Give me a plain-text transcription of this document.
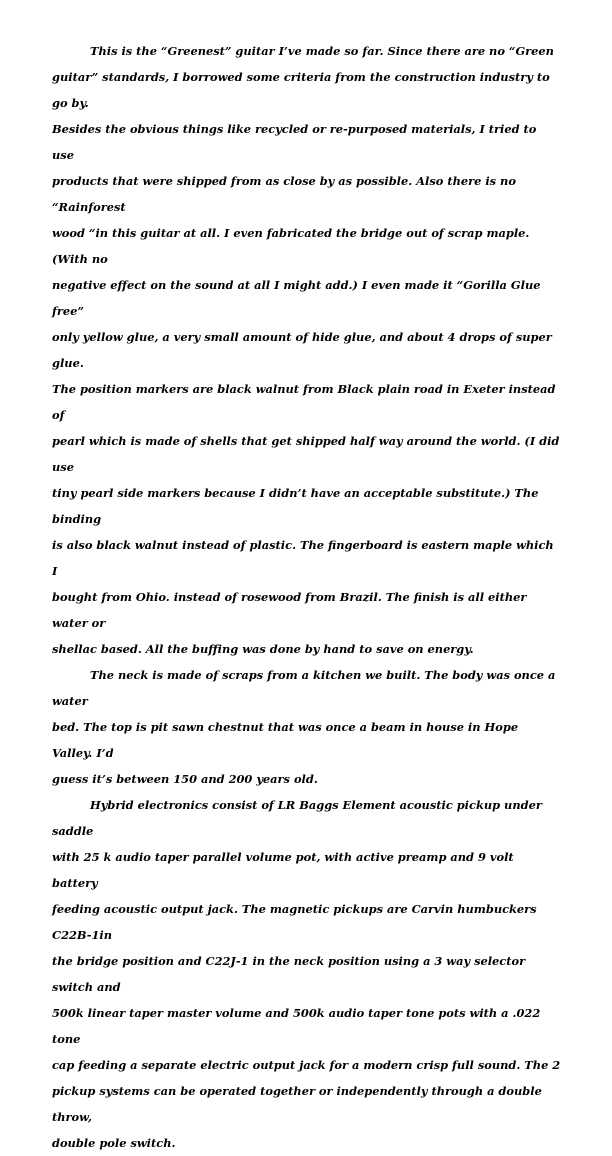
This is the “Greenest” guitar I’ve made so far. Since there are no “Green
guitar” standards, I borrowed some criteria from the construction industry to go by.
Besides the obvious things like recycled or re-purposed materials, I tried to use
products that were shipped from as close by as possible. Also there is no “Rainforest
wood “in this guitar at all. I even fabricated the bridge out of scrap maple. (With no
negative effect on the sound at all I might add.) I even made it “Gorilla Glue free”
only yellow glue, a very small amount of hide glue, and about 4 drops of super glue.
The position markers are black walnut from Black plain road in Exeter instead of
pearl which is made of shells that get shipped half way around the world. (I did use
tiny pearl side markers because I didn’t have an acceptable substitute.) The binding
is also black walnut instead of plastic. The fingerboard is eastern maple which I
bought from Ohio. instead of rosewood from Brazil. The finish is all either water or
shellac based. All the buffing was done by hand to save on energy.

The neck is made of scraps from a kitchen we built. The body was once a water
bed. The top is pit sawn chestnut that was once a beam in house in Hope Valley. I’d
guess it’s between 150 and 200 years old.

Hybrid electronics consist of LR Baggs Element acoustic pickup under saddle
with 25 k audio taper parallel volume pot, with active preamp and 9 volt battery
feeding acoustic output jack. The magnetic pickups are Carvin humbuckers C22B-1in
the bridge position and C22J-1 in the neck position using a 3 way selector switch and
500k linear taper master volume and 500k audio taper tone pots with a .022 tone
cap feeding a separate electric output jack for a modern crisp full sound. The 2
pickup systems can be operated together or independently through a double throw,
double pole switch.
